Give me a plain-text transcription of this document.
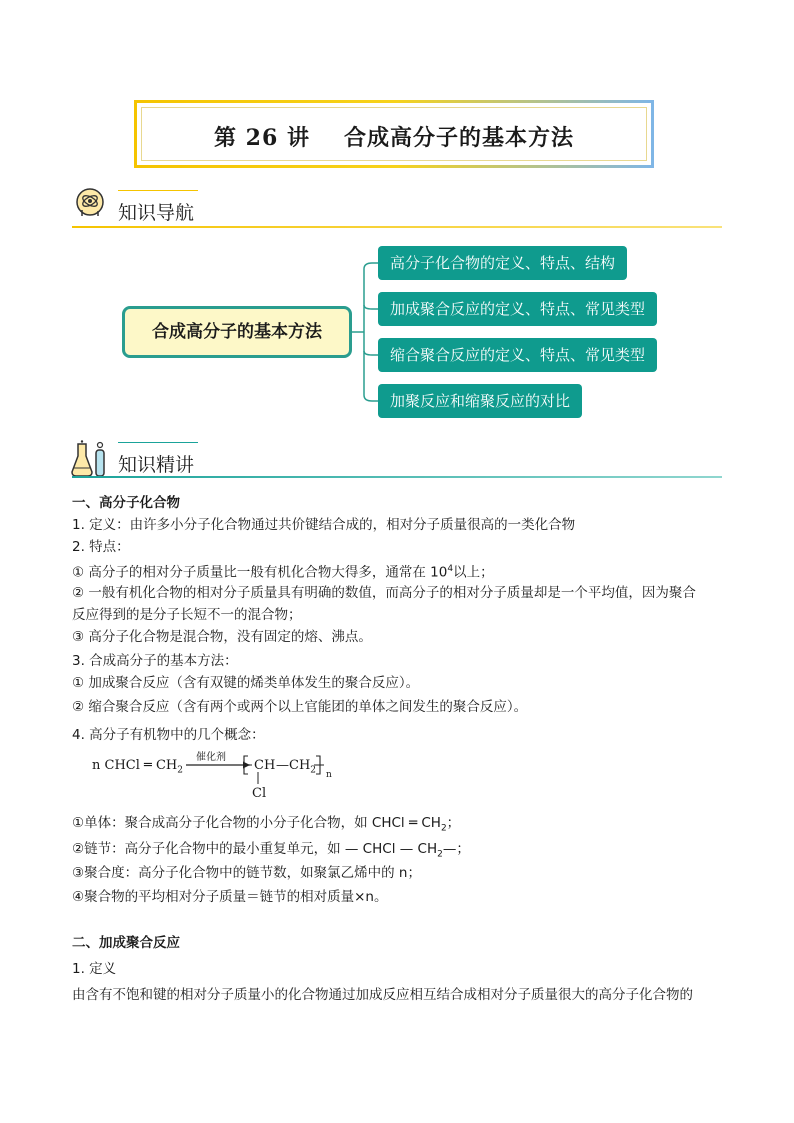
第 26 讲 合成高分子的基本方法
知识导航
合成高分子的基本方法
高分子化合物的定义、特点、结构
加成聚合反应的定义、特点、常见类型
缩合聚合反应的定义、特点、常见类型
加聚反应和缩聚反应的对比
知识精讲
一、高分子化合物
1. 定义：由许多小分子化合物通过共价键结合成的，相对分子质量很高的一类化合物
2. 特点：
① 高分子的相对分子质量比一般有机化合物大得多，通常在 $10^4$以上；
② 一般有机化合物的相对分子质量具有明确的数值，而高分子的相对分子质量却是一个平均值，因为聚合
反应得到的是分子长短不一的混合物；
③ 高分子化合物是混合物，没有固定的熔、沸点。
3. 合成高分子的基本方法：
① 加成聚合反应（含有双键的烯类单体发生的聚合反应）。
② 缩合聚合反应（含有两个或两个以上官能团的单体之间发生的聚合反应）。
4. 高分子有机物中的几个概念：
n CHCl ═ $CH_2$
催化剂
CH $—CH_2$ n
Cl
①单体：聚合成高分子化合物的小分子化合物，如 CHCl ═ $CH_2$；
②链节：高分子化合物中的最小重复单元，如 — CHCl — $CH_2—$；
③聚合度：高分子化合物中的链节数，如聚氯乙烯中的 n；
④聚合物的平均相对分子质量＝链节的相对质量×n。
二、加成聚合反应
1. 定义
由含有不饱和键的相对分子质量小的化合物通过加成反应相互结合成相对分子质量很大的高分子化合物的
